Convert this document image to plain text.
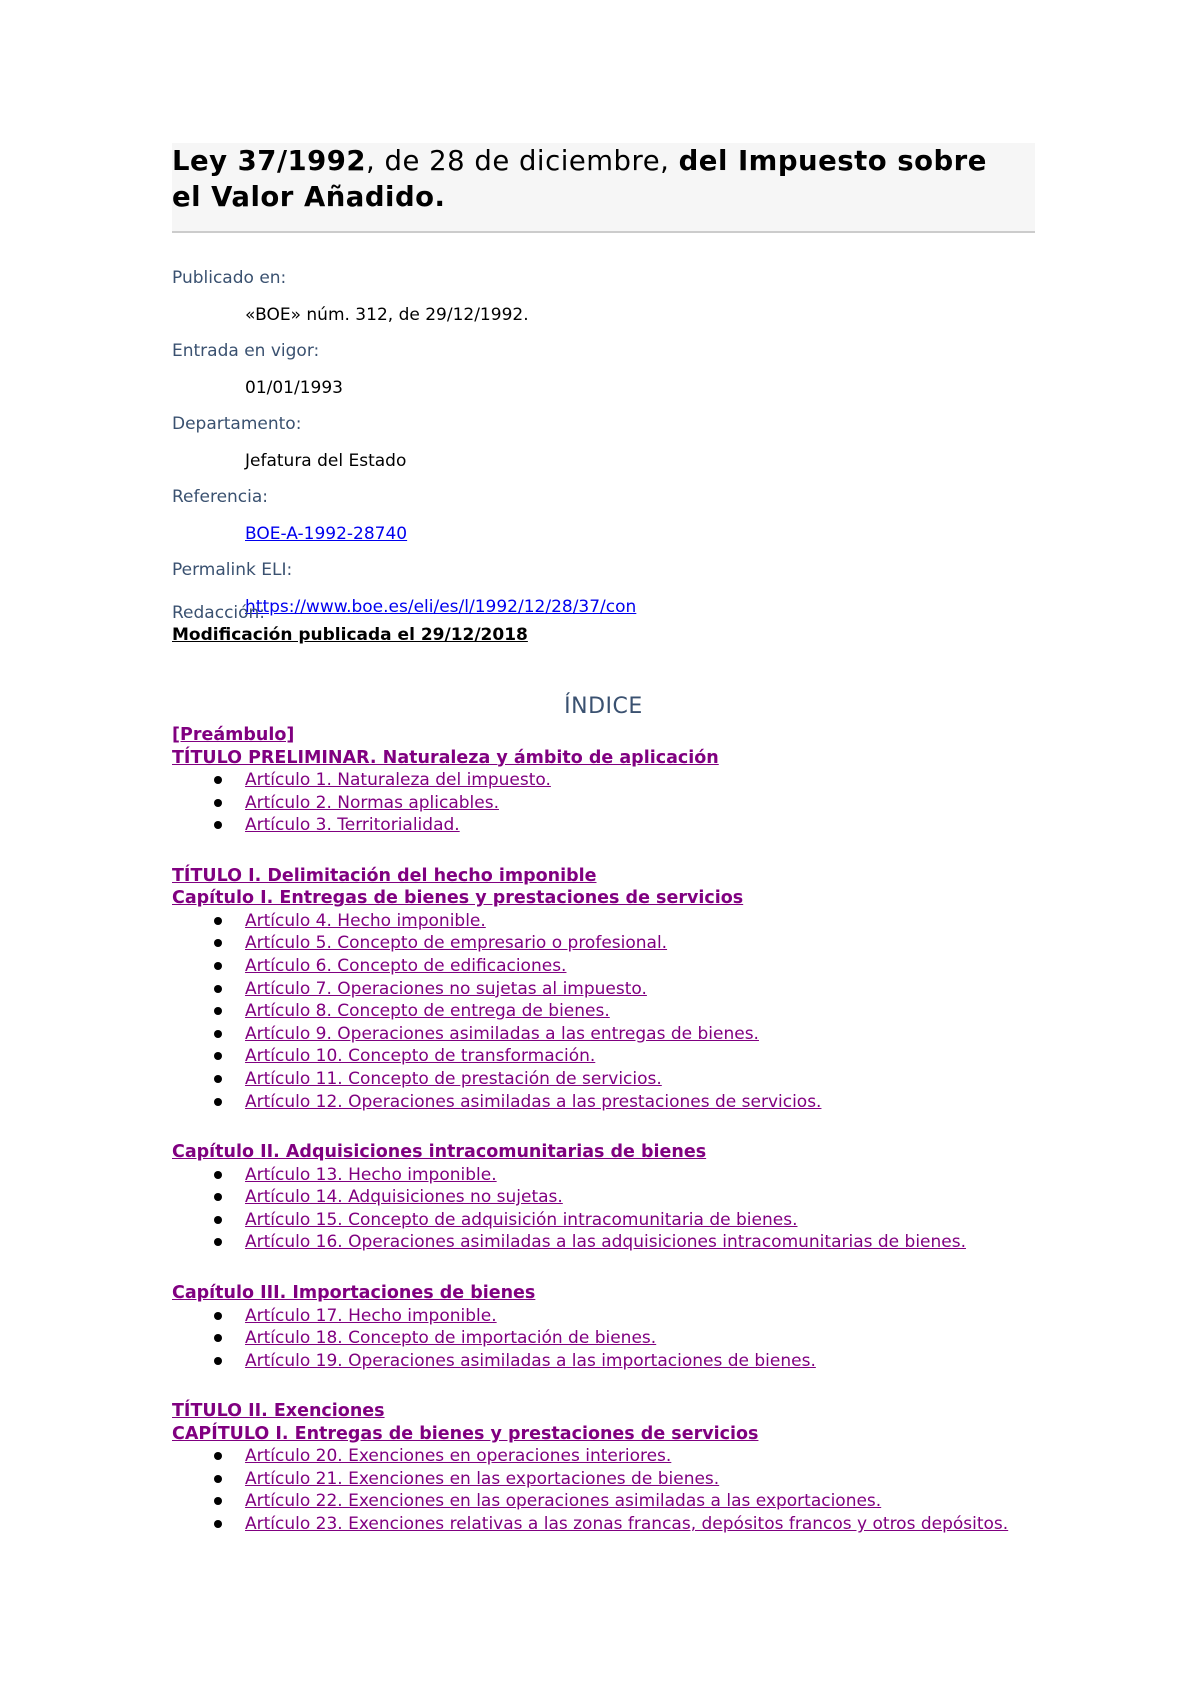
Ley 37/1992, de 28 de diciembre, del Impuesto sobre
el Valor Añadido.
Publicado en:
«BOE» núm. 312, de 29/12/1992.
Entrada en vigor:
01/01/1993
Departamento:
Jefatura del Estado
Referencia:
BOE-A-1992-28740
Permalink ELI:
https://www.boe.es/eli/es/l/1992/12/28/37/con
Redacción:
Modificación publicada el 29/12/2018
ÍNDICE
[Preámbulo]
TÍTULO PRELIMINAR. Naturaleza y ámbito de aplicación
Artículo 1. Naturaleza del impuesto.
Artículo 2. Normas aplicables.
Artículo 3. Territorialidad.
TÍTULO I. Delimitación del hecho imponible
Capítulo I. Entregas de bienes y prestaciones de servicios
Artículo 4. Hecho imponible.
Artículo 5. Concepto de empresario o profesional.
Artículo 6. Concepto de edificaciones.
Artículo 7. Operaciones no sujetas al impuesto.
Artículo 8. Concepto de entrega de bienes.
Artículo 9. Operaciones asimiladas a las entregas de bienes.
Artículo 10. Concepto de transformación.
Artículo 11. Concepto de prestación de servicios.
Artículo 12. Operaciones asimiladas a las prestaciones de servicios.
Capítulo II. Adquisiciones intracomunitarias de bienes
Artículo 13. Hecho imponible.
Artículo 14. Adquisiciones no sujetas.
Artículo 15. Concepto de adquisición intracomunitaria de bienes.
Artículo 16. Operaciones asimiladas a las adquisiciones intracomunitarias de bienes.
Capítulo III. Importaciones de bienes
Artículo 17. Hecho imponible.
Artículo 18. Concepto de importación de bienes.
Artículo 19. Operaciones asimiladas a las importaciones de bienes.
TÍTULO II. Exenciones
CAPÍTULO I. Entregas de bienes y prestaciones de servicios
Artículo 20. Exenciones en operaciones interiores.
Artículo 21. Exenciones en las exportaciones de bienes.
Artículo 22. Exenciones en las operaciones asimiladas a las exportaciones.
Artículo 23. Exenciones relativas a las zonas francas, depósitos francos y otros depósitos.
